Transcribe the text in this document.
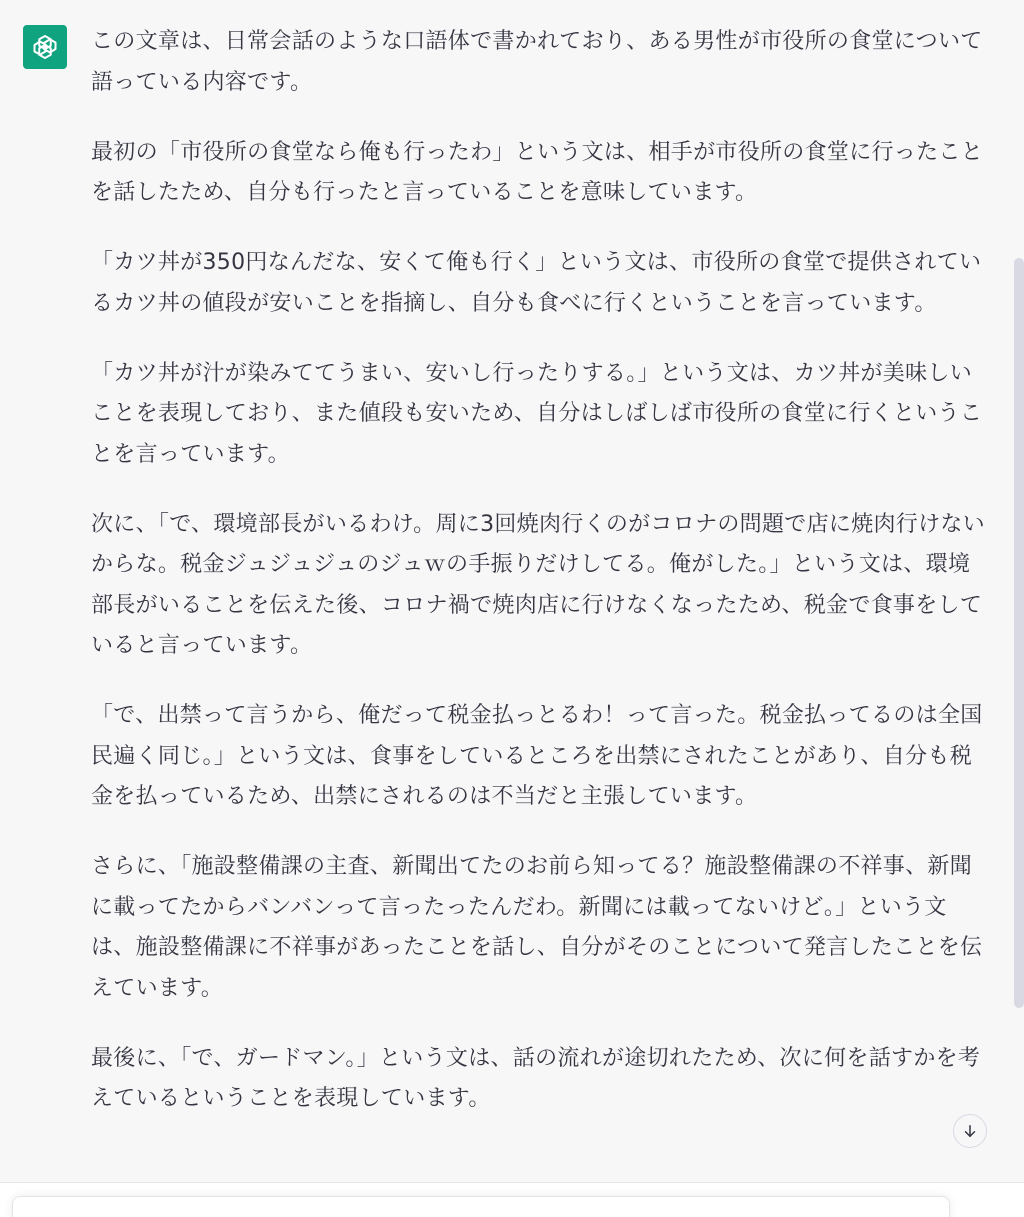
この文章は、日常会話のような口語体で書かれており、ある男性が市役所の食堂について語っている内容です。

最初の「市役所の食堂なら俺も行ったわ」という文は、相手が市役所の食堂に行ったことを話したため、自分も行ったと言っていることを意味しています。

「カツ丼が350円なんだな、安くて俺も行く」という文は、市役所の食堂で提供されているカツ丼の値段が安いことを指摘し、自分も食べに行くということを言っています。

「カツ丼が汁が染みててうまい、安いし行ったりする。」という文は、カツ丼が美味しいことを表現しており、また値段も安いため、自分はしばしば市役所の食堂に行くということを言っています。

次に、「で、環境部長がいるわけ。周に3回焼肉行くのがコロナの問題で店に焼肉行けないからな。税金ジュジュジュのジュｗの手振りだけしてる。俺がした。」という文は、環境部長がいることを伝えた後、コロナ禍で焼肉店に行けなくなったため、税金で食事をしていると言っています。

「で、出禁って言うから、俺だって税金払っとるわ！って言った。税金払ってるのは全国民遍く同じ。」という文は、食事をしているところを出禁にされたことがあり、自分も税金を払っているため、出禁にされるのは不当だと主張しています。

さらに、「施設整備課の主査、新聞出てたのお前ら知ってる？施設整備課の不祥事、新聞に載ってたからバンバンって言ったったんだわ。新聞には載ってないけど。」という文は、施設整備課に不祥事があったことを話し、自分がそのことについて発言したことを伝えています。

最後に、「で、ガードマン。」という文は、話の流れが途切れたため、次に何を話すかを考えているということを表現しています。
